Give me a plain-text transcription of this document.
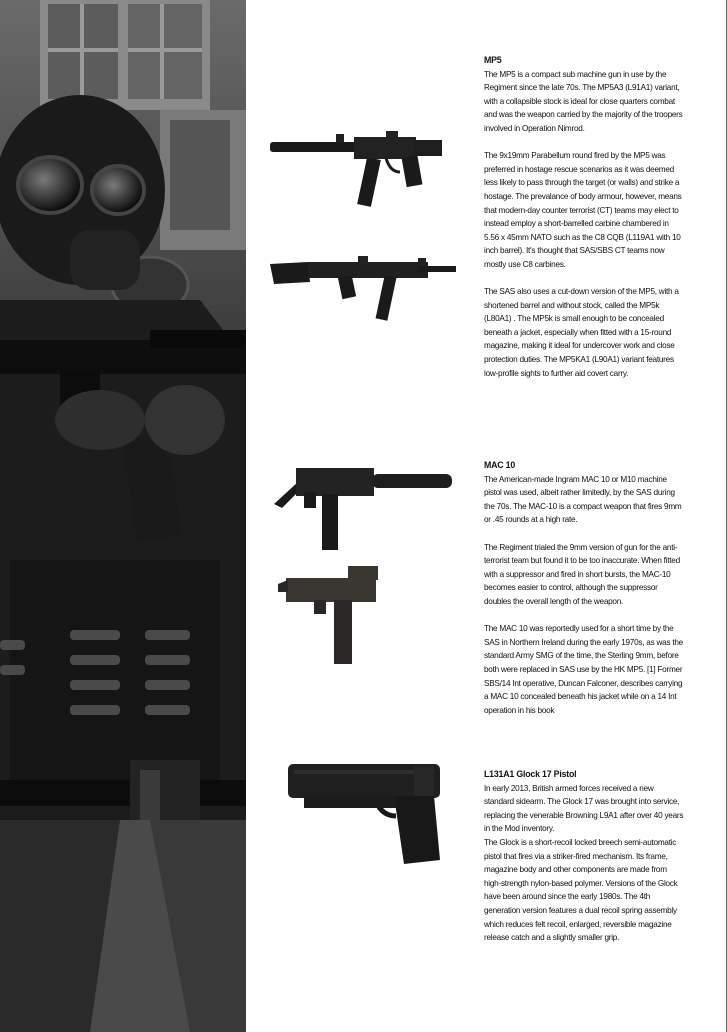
MP5

The MP5 is a compact sub machine gun in use by the Regiment since the late 70s. The MP5A3 (L91A1) variant, with a collapsible stock is ideal for close quarters combat and was the weapon carried by the majority of the troopers involved in Operation Nimrod.

The 9x19mm Parabellum round fired by the MP5 was preferred in hostage rescue scenarios as it was deemed less likely to pass through the target (or walls) and strike a hostage. The prevalance of body armour, however, means that modern-day counter terrorist (CT) teams may elect to instead employ a short-barrelled carbine chambered in 5.56 x 45mm NATO such as the C8 CQB (L119A1 with 10 inch barrel). It's thought that SAS/SBS CT teams now mostly use C8 carbines.

The SAS also uses a cut-down version of the MP5, with a shortened barrel and without stock, called the MP5k (L80A1) . The MP5k is small enough to be concealed beneath a jacket, especially when fitted with a 15-round magazine, making it ideal for undercover work and close protection duties. The MP5KA1 (L90A1) variant features low-profile sights to further aid covert carry.

MAC 10

The American-made Ingram MAC 10 or M10 machine pistol was used, albeit rather limitedly, by the SAS during the 70s. The MAC-10 is a compact weapon that fires 9mm or .45 rounds at a high rate.

The Regiment trialed the 9mm version of gun for the anti-terrorist team but found it to be too inaccurate. When fitted with a suppressor and fired in short bursts, the MAC-10 becomes easier to control, although the suppressor doubles the overall length of the weapon.

The MAC 10 was reportedly used for a short time by the SAS in Northern Ireland during the early 1970s, as was the standard Army SMG of the time, the Sterling 9mm, before both were replaced in SAS use by the HK MP5. [1] Former SBS/14 Int operative, Duncan Falconer, describes carrying a MAC 10 concealed beneath his jacket while on a 14 Int operation in his book

L131A1 Glock 17 Pistol

In early 2013, British armed forces received a new standard sidearm. The Glock 17 was brought into service, replacing the venerable Browning L9A1 after over 40 years in the Mod inventory.

The Glock is a short-recoil locked breech semi-automatic pistol that fires via a striker-fired mechanism. Its frame, magazine body and other components are made from high-strength nylon-based polymer. Versions of the Glock have been around since the early 1980s. The 4th generation version features a dual recoil spring assembly which reduces felt recoil, enlarged, reversible magazine release catch and a slightly smaller grip.
